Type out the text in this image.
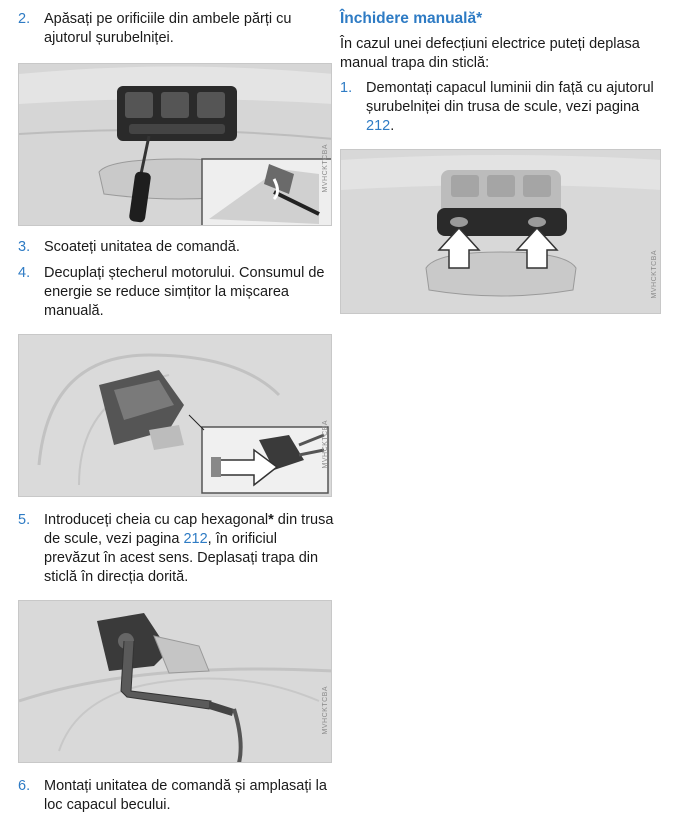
2. Apăsați pe orificiile din ambele părți cu ajutorul șurubelniței.
MVHCKTCBA
3. Scoateți unitatea de comandă.
4. Decuplați ștecherul motorului. Consumul de energie se reduce simțitor la mișcarea manuală.
MVHCKTCBA
5. Introduceți cheia cu cap hexagonal* din trusa de scule, vezi pagina 212, în orificiul prevăzut în acest sens. Deplasați trapa din sticlă în direcția dorită.
MVHCKTCBA
6. Montați unitatea de comandă și amplasați la loc capacul becului.
Închidere manuală*
În cazul unei defecțiuni electrice puteți deplasa manual trapa din sticlă:
1. Demontați capacul luminii din față cu ajutorul șurubelniței din trusa de scule, vezi pagina 212.
MVHCKTCBA
